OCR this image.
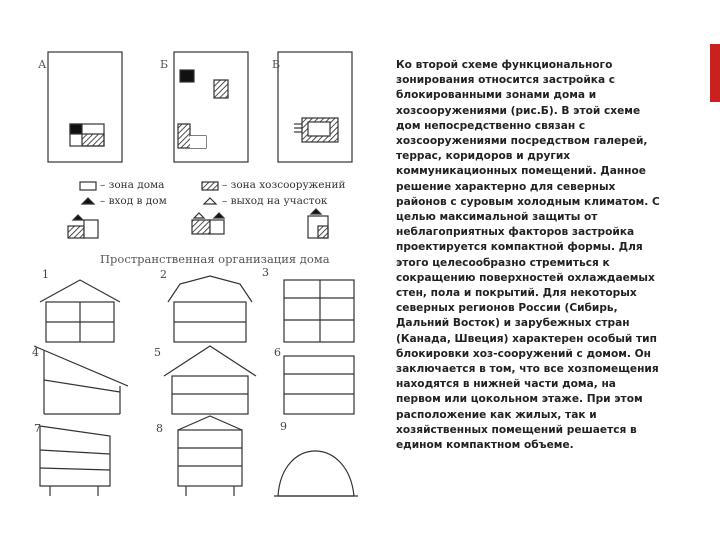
А	Б	В
– зона дома	– зона хозсооружений
– вход в дом	– выход на участок
Пространственная организация дома
1	2	3
4	5	6
7	8	9
Ко второй схеме функционального зонирования относится застройка с блокированными зонами дома и хозсооружениями (рис.Б). В этой схеме дом непосредственно связан с хозсооружениями посредством галерей, террас, коридоров и других коммуникационных помещений. Данное решение характерно для северных районов с суровым холодным климатом. С целью максимальной защиты от неблагоприятных факторов застройка проектируется компактной формы. Для этого целесообразно стремиться к сокращению поверхностей охлаждаемых стен, пола и покрытий. Для некоторых северных регионов России (Сибирь, Дальний Восток) и зарубежных стран (Канада, Швеция) характерен особый тип блокировки хоз-сооружений с домом. Он заключается в том, что все хозпомещения находятся в нижней части дома, на первом или цокольном этаже. При этом расположение как жилых, так и хозяйственных помещений решается в едином компактном объеме.
